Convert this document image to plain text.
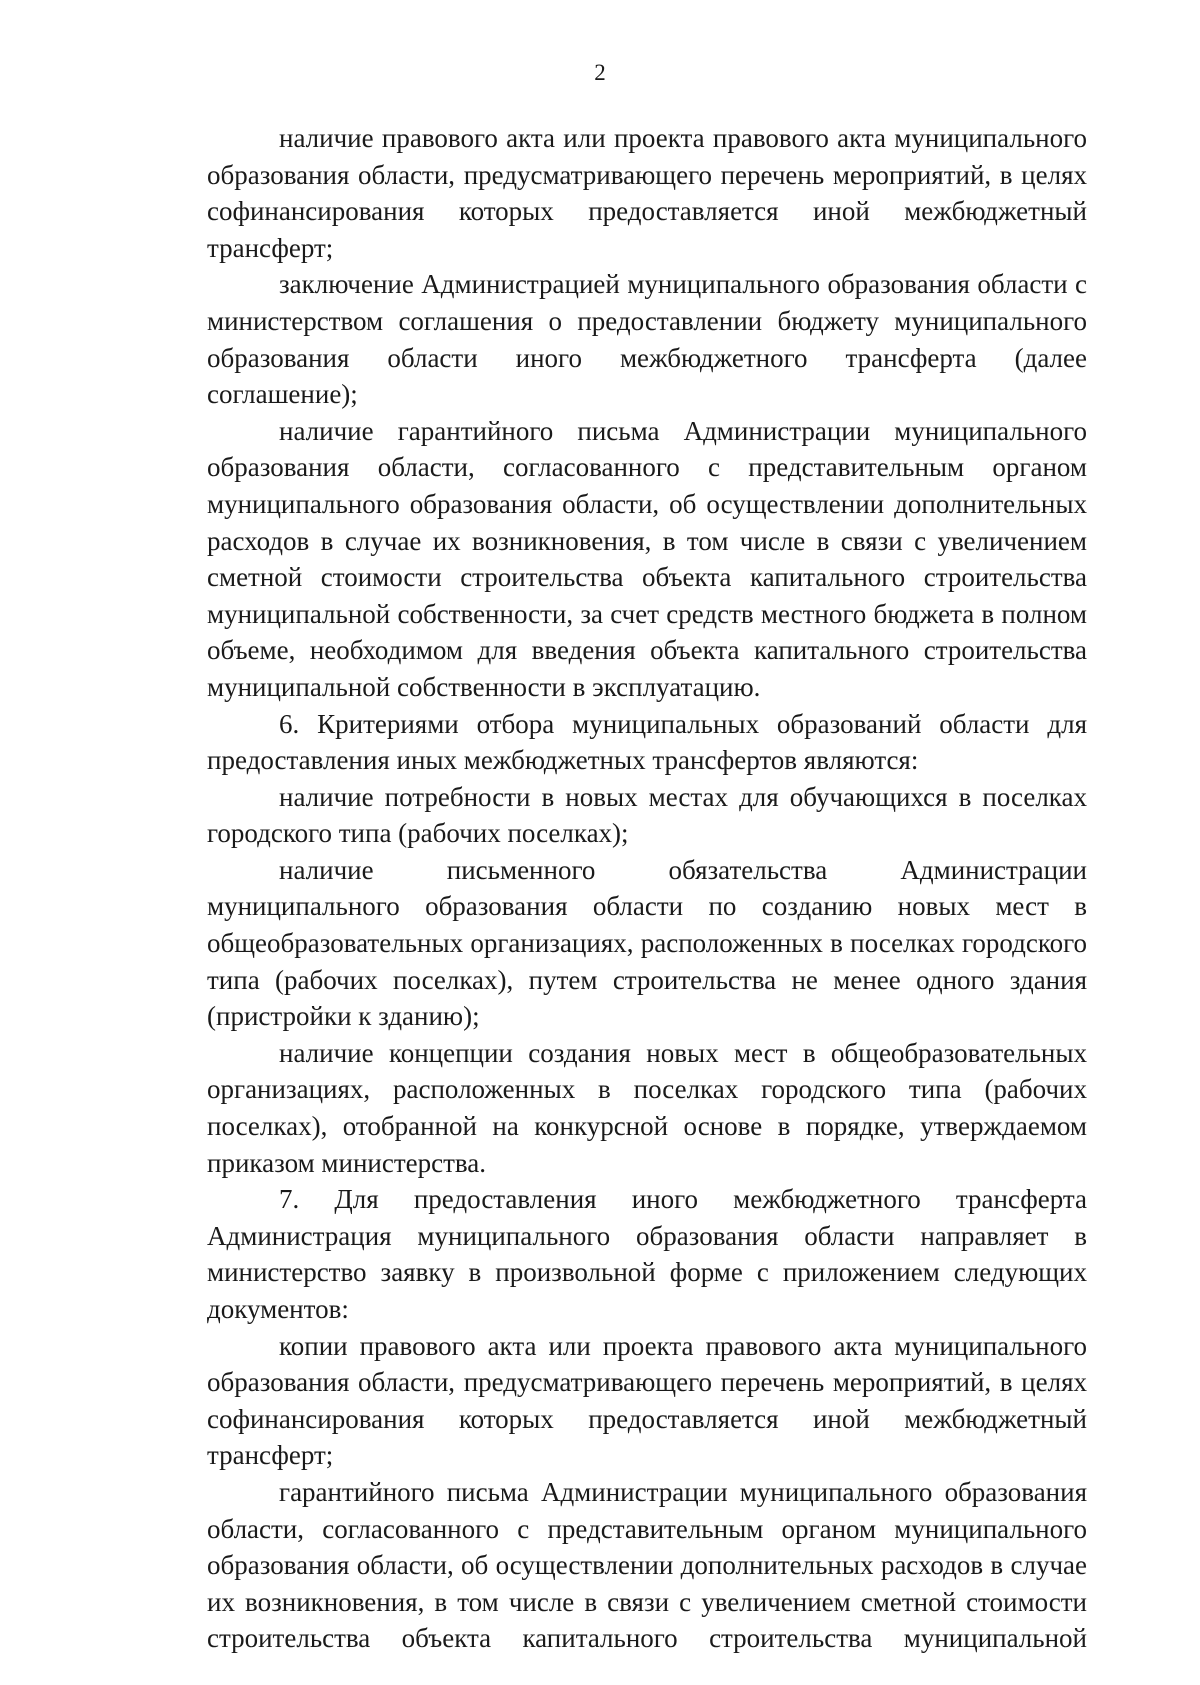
2

наличие правового акта или проекта правового акта муниципального образования области, предусматривающего перечень мероприятий, в целях софинансирования которых предоставляется иной межбюджетный трансферт;

заключение Администрацией муниципального образования области с министерством соглашения о предоставлении бюджету муниципального образования области иного межбюджетного трансферта (далее соглашение);

наличие гарантийного письма Администрации муниципального образования области, согласованного с представительным органом муниципального образования области, об осуществлении дополнительных расходов в случае их возникновения, в том числе в связи с увеличением сметной стоимости строительства объекта капитального строительства муниципальной собственности, за счет средств местного бюджета в полном объеме, необходимом для введения объекта капитального строительства муниципальной собственности в эксплуатацию.

6. Критериями отбора муниципальных образований области для предоставления иных межбюджетных трансфертов являются:

наличие потребности в новых местах для обучающихся в поселках городского типа (рабочих поселках);

наличие письменного обязательства Администрации муниципального образования области по созданию новых мест в общеобразовательных организациях, расположенных в поселках городского типа (рабочих поселках), путем строительства не менее одного здания (пристройки к зданию);

наличие концепции создания новых мест в общеобразовательных организациях, расположенных в поселках городского типа (рабочих поселках), отобранной на конкурсной основе в порядке, утверждаемом приказом министерства.

7. Для предоставления иного межбюджетного трансферта Администрация муниципального образования области направляет в министерство заявку в произвольной форме с приложением следующих документов:

копии правового акта или проекта правового акта муниципального образования области, предусматривающего перечень мероприятий, в целях софинансирования которых предоставляется иной межбюджетный трансферт;

гарантийного письма Администрации муниципального образования области, согласованного с представительным органом муниципального образования области, об осуществлении дополнительных расходов в случае их возникновения, в том числе в связи с увеличением сметной стоимости строительства объекта капитального строительства муниципальной
